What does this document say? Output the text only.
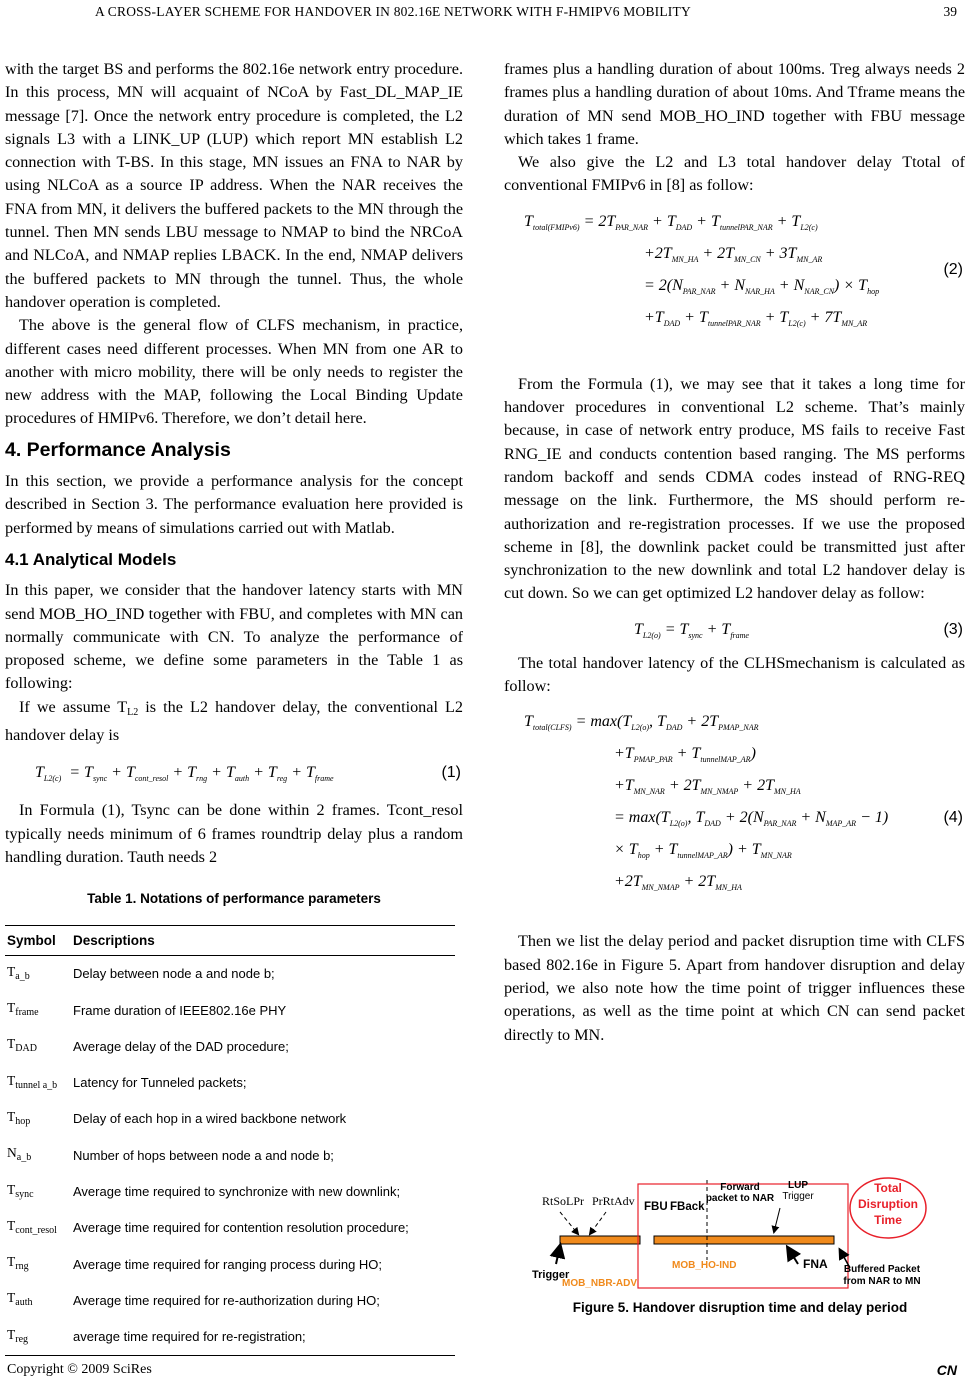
A CROSS-LAYER SCHEME FOR HANDOVER IN 802.16E NETWORK WITH F-HMIPV6 MOBILITY	39

with the target BS and performs the 802.16e network entry procedure. In this process, MN will acquaint of NCoA by Fast_DL_MAP_IE message [7]. Once the network entry procedure is completed, the L2 signals L3 with a LINK_UP (LUP) which report MN establish L2 connection with T-BS. In this stage, MN issues an FNA to NAR by using NLCoA as a source IP address. When the NAR receives the FNA from MN, it delivers the buffered packets to the MN through the tunnel. Then MN sends LBU message to NMAP to bind the NRCoA and NLCoA, and NMAP replies LBACK. In the end, NMAP delivers the buffered packets to MN through the tunnel. Thus, the whole handover operation is completed.

The above is the general flow of CLFS mechanism, in practice, different cases need different processes. When MN from one AR to another with micro mobility, there will be only needs to register the new address with the MAP, following the Local Binding Update procedures of HMIPv6. Therefore, we don’t detail here.

4. Performance Analysis

In this section, we provide a performance analysis for the concept described in Section 3. The performance evaluation here provided is performed by means of simulations carried out with Matlab.

4.1 Analytical Models

In this paper, we consider that the handover latency starts with MN send MOB_HO_IND together with FBU, and completes with MN can normally communicate with CN. To analyze the performance of proposed scheme, we define some parameters in the Table 1 as following:

If we assume $T_{L2}$ is the L2 handover delay, the conventional L2 handover delay is

$T_{L2(c)} = T_{sync} + T_{cont\_resol} + T_{rng} + T_{auth} + T_{reg} + T_{frame}$	(1)

In Formula (1), Tsync can be done within 2 frames. Tcont_resol typically needs minimum of 6 frames roundtrip delay plus a random handling duration. Tauth needs 2

Table 1. Notations of performance parameters
Symbol	Descriptions
$T_{a\_b}$	Delay between node a and node b;
$T_{frame}$	Frame duration of IEEE802.16e PHY
$T_{DAD}$	Average delay of the DAD procedure;
$T_{tunnel a\_b}$	Latency for Tunneled packets;
$T_{hop}$	Delay of each hop in a wired backbone network
$N_{a\_b}$	Number of hops between node a and node b;
$T_{sync}$	Average time required to synchronize with new downlink;
$T_{cont\_resol}$	Average time required for contention resolution procedure;
$T_{rng}$	Average time required for ranging process during HO;
$T_{auth}$	Average time required for re-authorization during HO;
$T_{reg}$	average time required for re-registration;

frames plus a handling duration of about 100ms. Treg always needs 2 frames plus a handling duration of about 10ms. And Tframe means the duration of MN send MOB_HO_IND together with FBU message which takes 1 frame.

We also give the L2 and L3 total handover delay Ttotal of conventional FMIPv6 in [8] as follow:

$T_{total(FMIPv6)} = 2T_{PAR\_NAR} + T_{DAD} + T_{tunnelPAR\_NAR} + T_{L2(c)}$
$+2T_{MN\_HA} + 2T_{MN\_CN} + 3T_{MN\_AR}$
= $2(N_{PAR\_NAR} + N_{NAR\_HA} + N_{NAR\_CN}) \times T_{hop}$
$+T_{DAD} + T_{tunnelPAR\_NAR} + T_{L2(c)} + 7T_{MN\_AR}$
(2)

From the Formula (1), we may see that it takes a long time for handover procedures in conventional L2 scheme. That’s mainly because, in case of network entry produce, MS fails to receive Fast RNG_IE and conducts contention based ranging. The MS performs random backoff and sends CDMA codes instead of RNG-REQ message on the link. Furthermore, the MS should perform re-authorization and re-registration processes. If we use the proposed scheme in [8], the downlink packet could be transmitted just after synchronization to the new downlink and total L2 handover delay is cut down. So we can get optimized L2 handover delay as follow:

$T_{L2(o)} = T_{sync} + T_{frame}$	(3)

The total handover latency of the CLHSmechanism is calculated as follow:

$T_{total(CLFS)} = \max(T_{L2(o)}$, $T_{DAD} + 2T_{PMAP\_NAR}$
$+T_{PMAP\_PAR} + T_{tunnelMAP\_AR}$)
$+T_{MN\_NAR} + 2T_{MN\_NMAP} + 2T_{MN\_HA}$
= $\max(T_{L2(o)}$, $T_{DAD} + 2(N_{PAR\_NAR} + N_{MAP\_AR} - 1)$
× $T_{hop} + T_{tunnelMAP\_AR}) + T_{MN\_NAR}$
$+2T_{MN\_NMAP} + 2T_{MN\_HA}$
(4)

Then we list the delay period and packet disruption time with CLFS based 802.16e in Figure 5. Apart from handover disruption and delay period, we also note how the time point of trigger influences these operations, as well as the time point at which CN can send packet directly to MN.

RtSoLPr PrRtAdv FBU FBack
Forward
packet to NAR
LUP
Trigger
Total
Disruption
Time
Trigger
MOB_NBR-ADV
MOB_HO-IND	FNA Buffered Packet
from NAR to MN
Figure 5. Handover disruption time and delay period
Copyright © 2009 SciRes	CN
